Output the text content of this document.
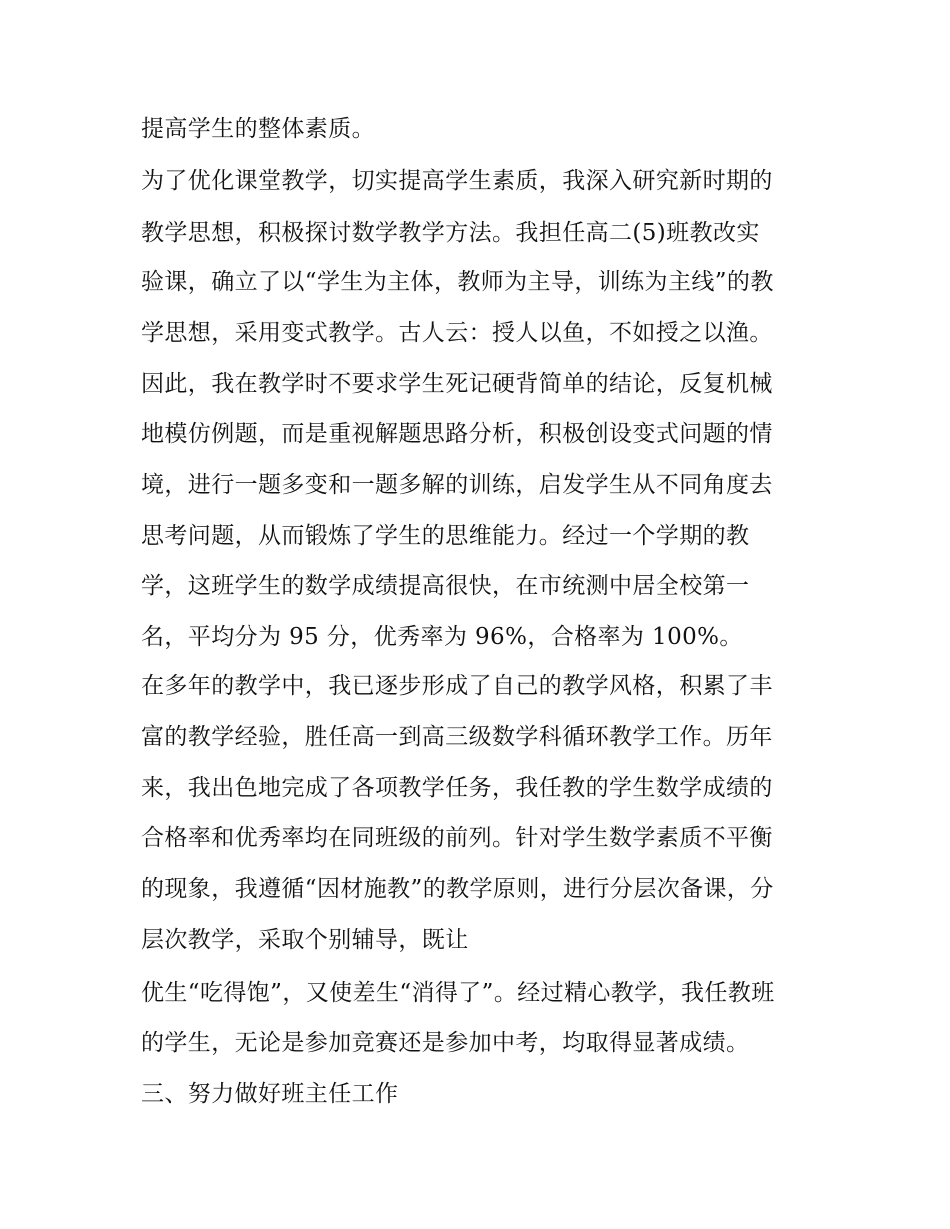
提高学生的整体素质。
为了优化课堂教学，切实提高学生素质，我深入研究新时期的
教学思想，积极探讨数学教学方法。我担任高二(5)班教改实
验课，确立了以“学生为主体，教师为主导，训练为主线”的教
学思想，采用变式教学。古人云：授人以鱼，不如授之以渔。
因此，我在教学时不要求学生死记硬背简单的结论，反复机械
地模仿例题，而是重视解题思路分析，积极创设变式问题的情
境，进行一题多变和一题多解的训练，启发学生从不同角度去
思考问题，从而锻炼了学生的思维能力。经过一个学期的教
学，这班学生的数学成绩提高很快，在市统测中居全校第一
名，平均分为 95 分，优秀率为 96%，合格率为 100%。
在多年的教学中，我已逐步形成了自己的教学风格，积累了丰
富的教学经验，胜任高一到高三级数学科循环教学工作。历年
来，我出色地完成了各项教学任务，我任教的学生数学成绩的
合格率和优秀率均在同班级的前列。针对学生数学素质不平衡
的现象，我遵循“因材施教”的教学原则，进行分层次备课，分
层次教学，采取个别辅导，既让
优生“吃得饱”，又使差生“消得了”。经过精心教学，我任教班
的学生，无论是参加竞赛还是参加中考，均取得显著成绩。
三、努力做好班主任工作
